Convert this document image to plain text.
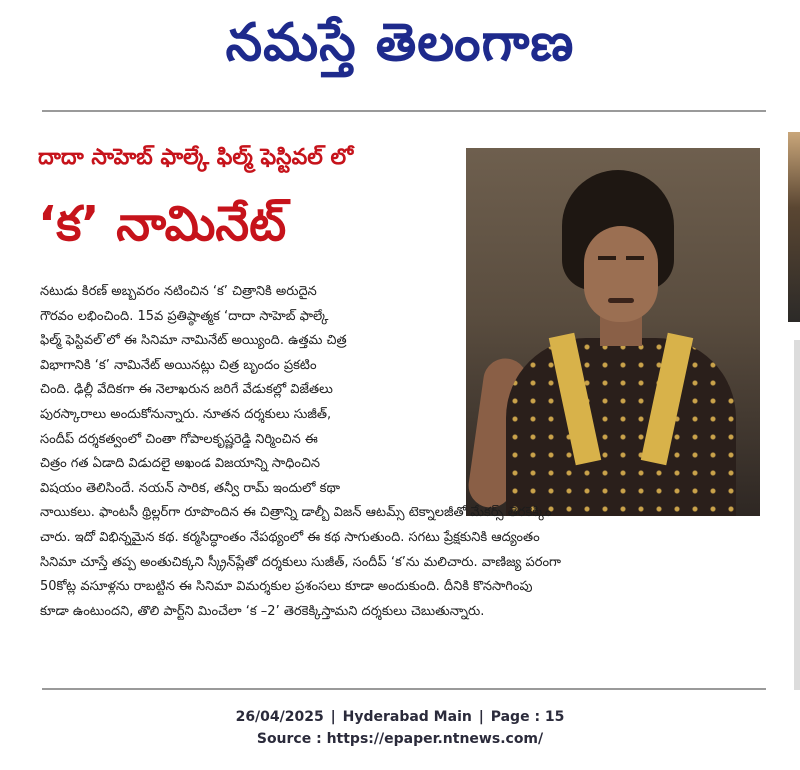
నమస్తే తెలంగాణ
దాదా సాహెబ్ ఫాల్కే ఫిల్మ్ ఫెస్టివల్ లో
‘క’ నామినేట్
నటుడు కిరణ్ అబ్బవరం నటించిన ‘క’ చిత్రానికి అరుదైన
గౌరవం లభించింది. 15వ ప్రతిష్ఠాత్మక ‘దాదా సాహెబ్ ఫాల్కే
ఫిల్మ్ ఫెస్టివల్’లో ఈ సినిమా నామినేట్ అయ్యింది. ఉత్తమ చిత్ర
విభాగానికి ‘క’ నామినేట్ అయినట్లు చిత్ర బృందం ప్రకటిం
చింది. ఢిల్లీ వేదికగా ఈ నెలాఖరున జరిగే వేడుకల్లో విజేతలు
పురస్కారాలు అందుకోనున్నారు. నూతన దర్శకులు సుజీత్,
సందీప్ దర్శకత్వంలో చింతా గోపాలకృష్ణరెడ్డి నిర్మించిన ఈ
చిత్రం గత ఏడాది విడుదలై అఖండ విజయాన్ని సాధించిన
విషయం తెలిసిందే. నయన్ సారిక, తన్వీ రామ్ ఇందులో కథా
నాయికలు. ఫాంటసీ థ్రిల్లర్‌గా రూపొందిన ఈ చిత్రాన్ని డాల్బీ విజన్ ఆటమ్స్ టెక్నాలజీతో మేకర్స్ తెరకెక్కిం
చారు. ఇదో విభిన్నమైన కథ. కర్మసిద్ధాంతం నేపథ్యంలో ఈ కథ సాగుతుంది. సగటు ప్రేక్షకునికి ఆద్యంతం
సినిమా చూస్తే తప్ప అంతుచిక్కని స్క్రీన్‌ప్లేతో దర్శకులు సుజీత్, సందీప్ ‘క’ను మలిచారు. వాణిజ్య పరంగా
50కోట్ల వసూళ్లను రాబట్టిన ఈ సినిమా విమర్శకుల ప్రశంసలు కూడా అందుకుంది. దీనికి కొనసాగింపు
కూడా ఉంటుందని, తొలి పార్ట్‌ని మించేలా ‘క –2’ తెరకెక్కిస్తామని దర్శకులు చెబుతున్నారు.
26/04/2025 | Hyderabad Main | Page : 15
Source : https://epaper.ntnews.com/
